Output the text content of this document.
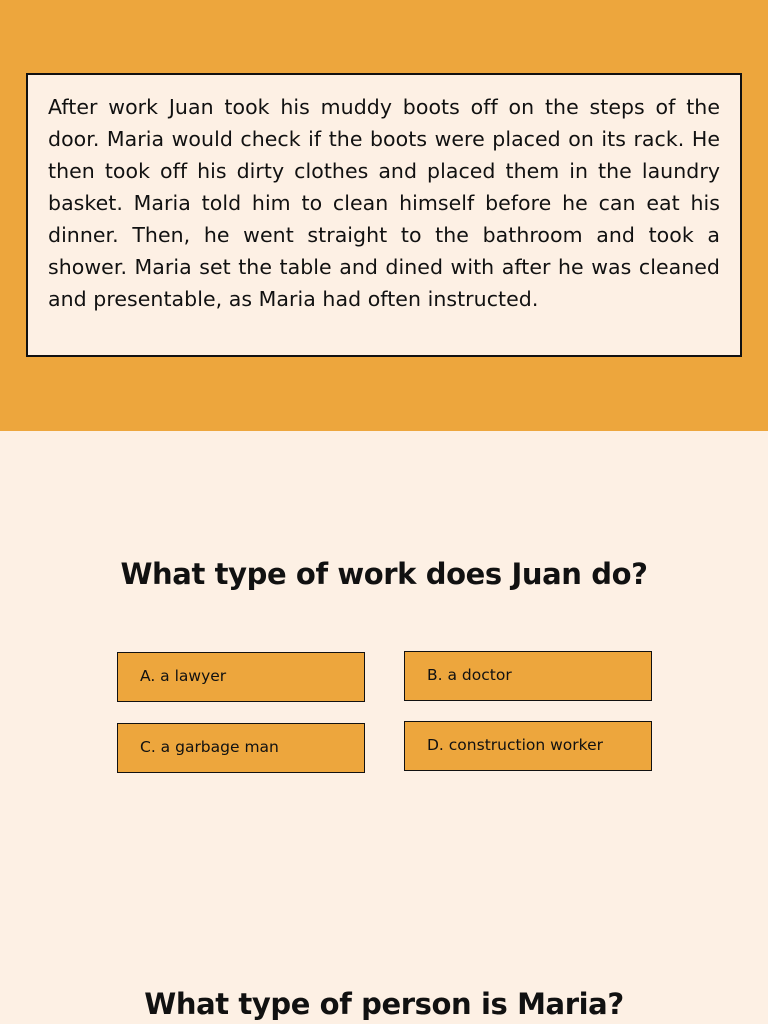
After work Juan took his muddy boots off on the steps of the door. Maria would check if the boots were placed on its rack. He then took off his dirty clothes and placed them in the laundry basket. Maria told him to clean himself before he can eat his dinner. Then, he went straight to the bathroom and took a shower. Maria set the table and dined with after he was cleaned and presentable, as Maria had often instructed.

What type of work does Juan do?
A. a lawyer	B. a doctor
C. a garbage man	D. construction worker
What type of person is Maria?
